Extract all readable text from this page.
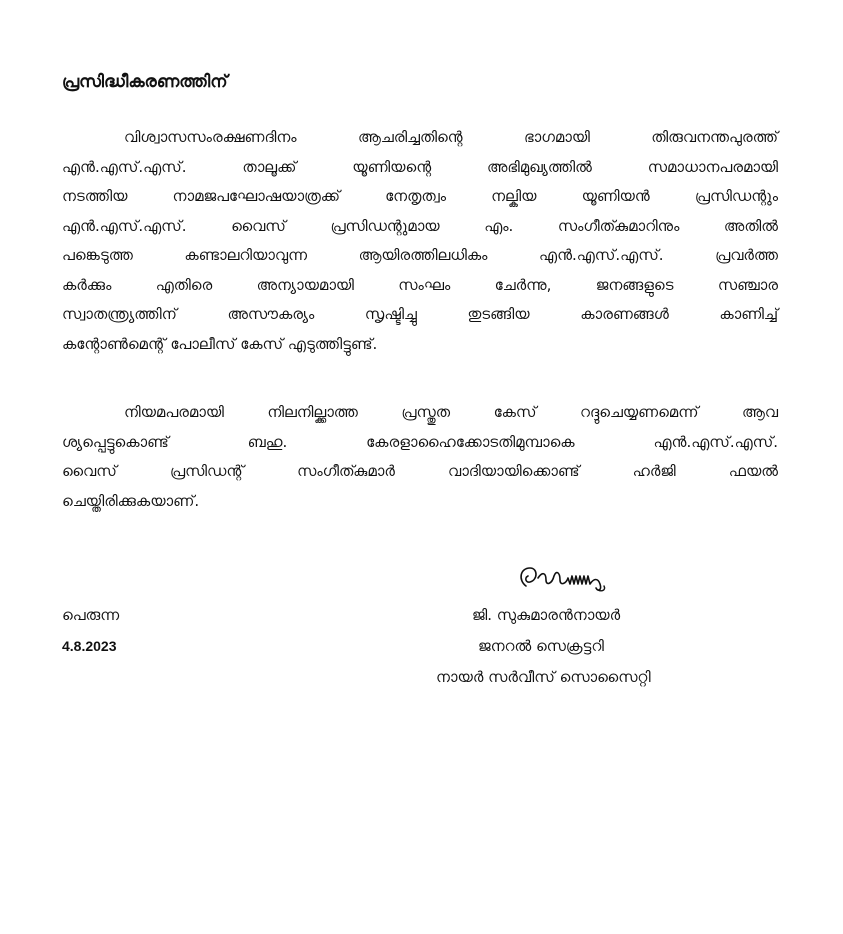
പ്രസിദ്ധീകരണത്തിന്
വിശ്വാസസംരക്ഷണദിനം ആചരിച്ചതിന്റെ ഭാഗമായി തിരുവനന്തപുരത്ത്
എൻ.എസ്.എസ്. താലൂക്ക് യൂണിയന്റെ അഭിമുഖ്യത്തിൽ സമാധാനപരമായി
നടത്തിയ നാമജപഘോഷയാത്രക്ക് നേതൃത്വം നല്കിയ യൂണിയൻ പ്രസിഡന്റും
എൻ.എസ്.എസ്. വൈസ് പ്രസിഡന്റുമായ എം. സംഗീത്കുമാറിനും അതിൽ
പങ്കെടുത്ത കണ്ടാലറിയാവുന്ന ആയിരത്തിലധികം എൻ.എസ്.എസ്. പ്രവർത്ത
കർക്കും എതിരെ അന്യായമായി സംഘം ചേർന്നു, ജനങ്ങളുടെ സഞ്ചാര
സ്വാതന്ത്ര്യത്തിന് അസൗകര്യം സൃഷ്ടിച്ചു തുടങ്ങിയ കാരണങ്ങൾ കാണിച്ച്
കന്റോൺമെന്റ് പോലീസ് കേസ് എടുത്തിട്ടുണ്ട്.
നിയമപരമായി നിലനില്ക്കാത്ത പ്രസ്തുത കേസ് റദ്ദുചെയ്യണമെന്ന് ആവ
ശ്യപ്പെട്ടുകൊണ്ട് ബഹു. കേരളാഹൈക്കോടതിമുമ്പാകെ എൻ.എസ്.എസ്.
വൈസ് പ്രസിഡന്റ് സംഗീത്കുമാർ വാദിയായിക്കൊണ്ട് ഹർജി ഫയൽ
ചെയ്തിരിക്കുകയാണ്.
പെരുന്ന
4.8.2023
ജി. സുകുമാരൻനായർ
ജനറൽ സെക്രട്ടറി
നായർ സർവീസ് സൊസൈറ്റി
